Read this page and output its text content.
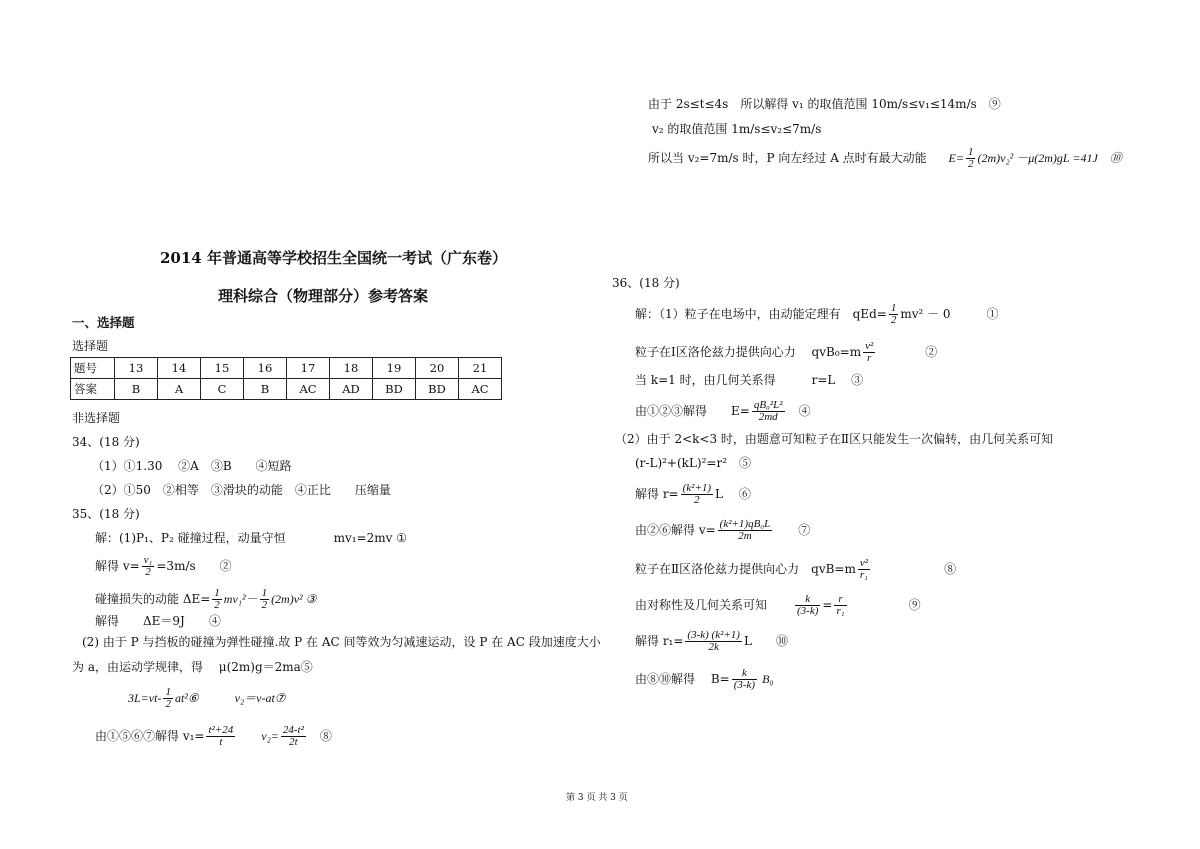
由于 2s≤t≤4s　所以解得 v₁ 的取值范围 10m/s≤v₁≤14m/s　⑨
v₂ 的取值范围 1m/s≤v₂≤7m/s
所以当 v₂=7m/s 时，P 向左经过 A 点时有最大动能 $E= \frac{1}{2} (2m)v_2^2 -\mu(2m)gL =41J$　⑩
2014 年普通高等学校招生全国统一考试（广东卷）
理科综合（物理部分）参考答案
一、选择题
选择题
题号	13	14	15	16	17	18	19	20	21
答案	B	A	C	B	AC	AD	BD	BD	AC
非选择题
34、(18 分)
（1）①1.30　 ②A　③B　　④短路
（2）①50　②相等　③滑块的动能　④正比　　压缩量
35、(18 分)
解：(1)P₁、P₂ 碰撞过程，动量守恒　　　　mv₁=2mv ①
解得 $v= \frac{\text{v₁}}{2} =3m/s$　　②
碰撞损失的动能 $\Delta E= \frac{1}{2} mv_1^2- \frac{1}{2} (2m)v^2$ ③
解得　　ΔE＝9J　　④
(2) 由于 P 与挡板的碰撞为弹性碰撞.故 P 在 AC 间等效为匀减速运动，设 P 在 AC 段加速度大小
为 a，由运动学规律，得　 μ(2m)g＝2ma⑤
$3L=vt- \frac{1}{2}$ at²⑥　　　v₂＝v-at⑦
由①⑤⑥⑦解得 $v_1= \frac{\text{t²+24}}{t}$ 　　$v_2= \frac{\text{24-t²}}{2t}$ 　⑧
36、(18 分)
解：（1）粒子在电场中，由动能定理有　$qEd= \frac{1}{2} mv^2 - 0$　　　①
粒子在Ⅰ区洛伦兹力提供向心力　 $qvB_0=m \frac{\text{v²}}{r}$ 　　　　②
当 k=1 时，由几何关系得　　　r=L　 ③
由①②③解得　　$E= \frac{\text{qB₀²L²}}{2md}$ 　④
（2）由于 2<k<3 时，由题意可知粒子在Ⅱ区只能发生一次偏转，由几何关系可知
(r-L)²+(kL)²=r²　⑤
解得 $r= \frac{\text{(k²+1)}}{2}$ L　 ⑥
由②⑥解得 $v= \frac{\text{(k²+1)qB₀L}}{2m}$ 　　⑦
粒子在Ⅱ区洛伦兹力提供向心力　$qvB=m \frac{\text{v²}}{\text{r₁}}$ 　　　　　　⑧
由对称性及几何关系可知	$\frac{k}{(3-k)} = \frac{r}{\text{r₁}}$ 　　　　　⑨
解得 $r_1= \frac{\text{(3-k) (k²+1)}}{2k}$ L　　⑩
由⑧⑩解得　 $B= \frac{k}{(3-k)} B_0$
第 3 页 共 3 页
